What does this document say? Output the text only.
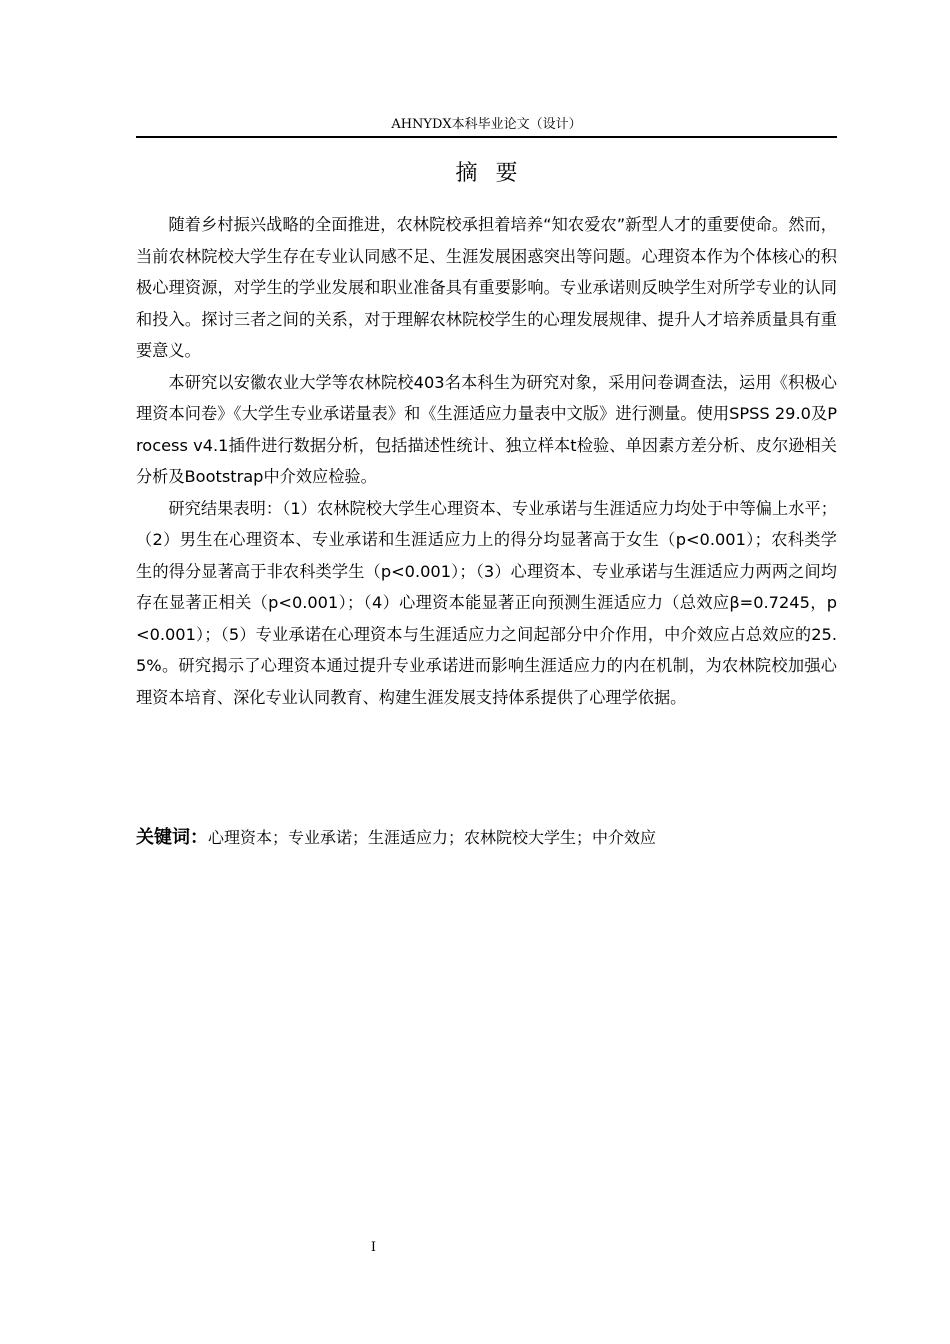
AHNYDX本科毕业论文（设计）
摘要

随着乡村振兴战略的全面推进，农林院校承担着培养“知农爱农”新型人才的重要使命。然而，当前农林院校大学生存在专业认同感不足、生涯发展困惑突出等问题。心理资本作为个体核心的积极心理资源，对学生的学业发展和职业准备具有重要影响。专业承诺则反映学生对所学专业的认同和投入。探讨三者之间的关系，对于理解农林院校学生的心理发展规律、提升人才培养质量具有重要意义。

本研究以安徽农业大学等农林院校403名本科生为研究对象，采用问卷调查法，运用《积极心理资本问卷》《大学生专业承诺量表》和《生涯适应力量表中文版》进行测量。使用SPSS 29.0及Process v4.1插件进行数据分析，包括描述性统计、独立样本t检验、单因素方差分析、皮尔逊相关分析及Bootstrap中介效应检验。

研究结果表明：（1）农林院校大学生心理资本、专业承诺与生涯适应力均处于中等偏上水平；（2）男生在心理资本、专业承诺和生涯适应力上的得分均显著高于女生（p<0.001）；农科类学生的得分显著高于非农科类学生（p<0.001）；（3）心理资本、专业承诺与生涯适应力两两之间均存在显著正相关（p<0.001）；（4）心理资本能显著正向预测生涯适应力（总效应β=0.7245，p<0.001）；（5）专业承诺在心理资本与生涯适应力之间起部分中介作用，中介效应占总效应的25.5%。研究揭示了心理资本通过提升专业承诺进而影响生涯适应力的内在机制，为农林院校加强心理资本培育、深化专业认同教育、构建生涯发展支持体系提供了心理学依据。

关键词：心理资本；专业承诺；生涯适应力；农林院校大学生；中介效应
I
